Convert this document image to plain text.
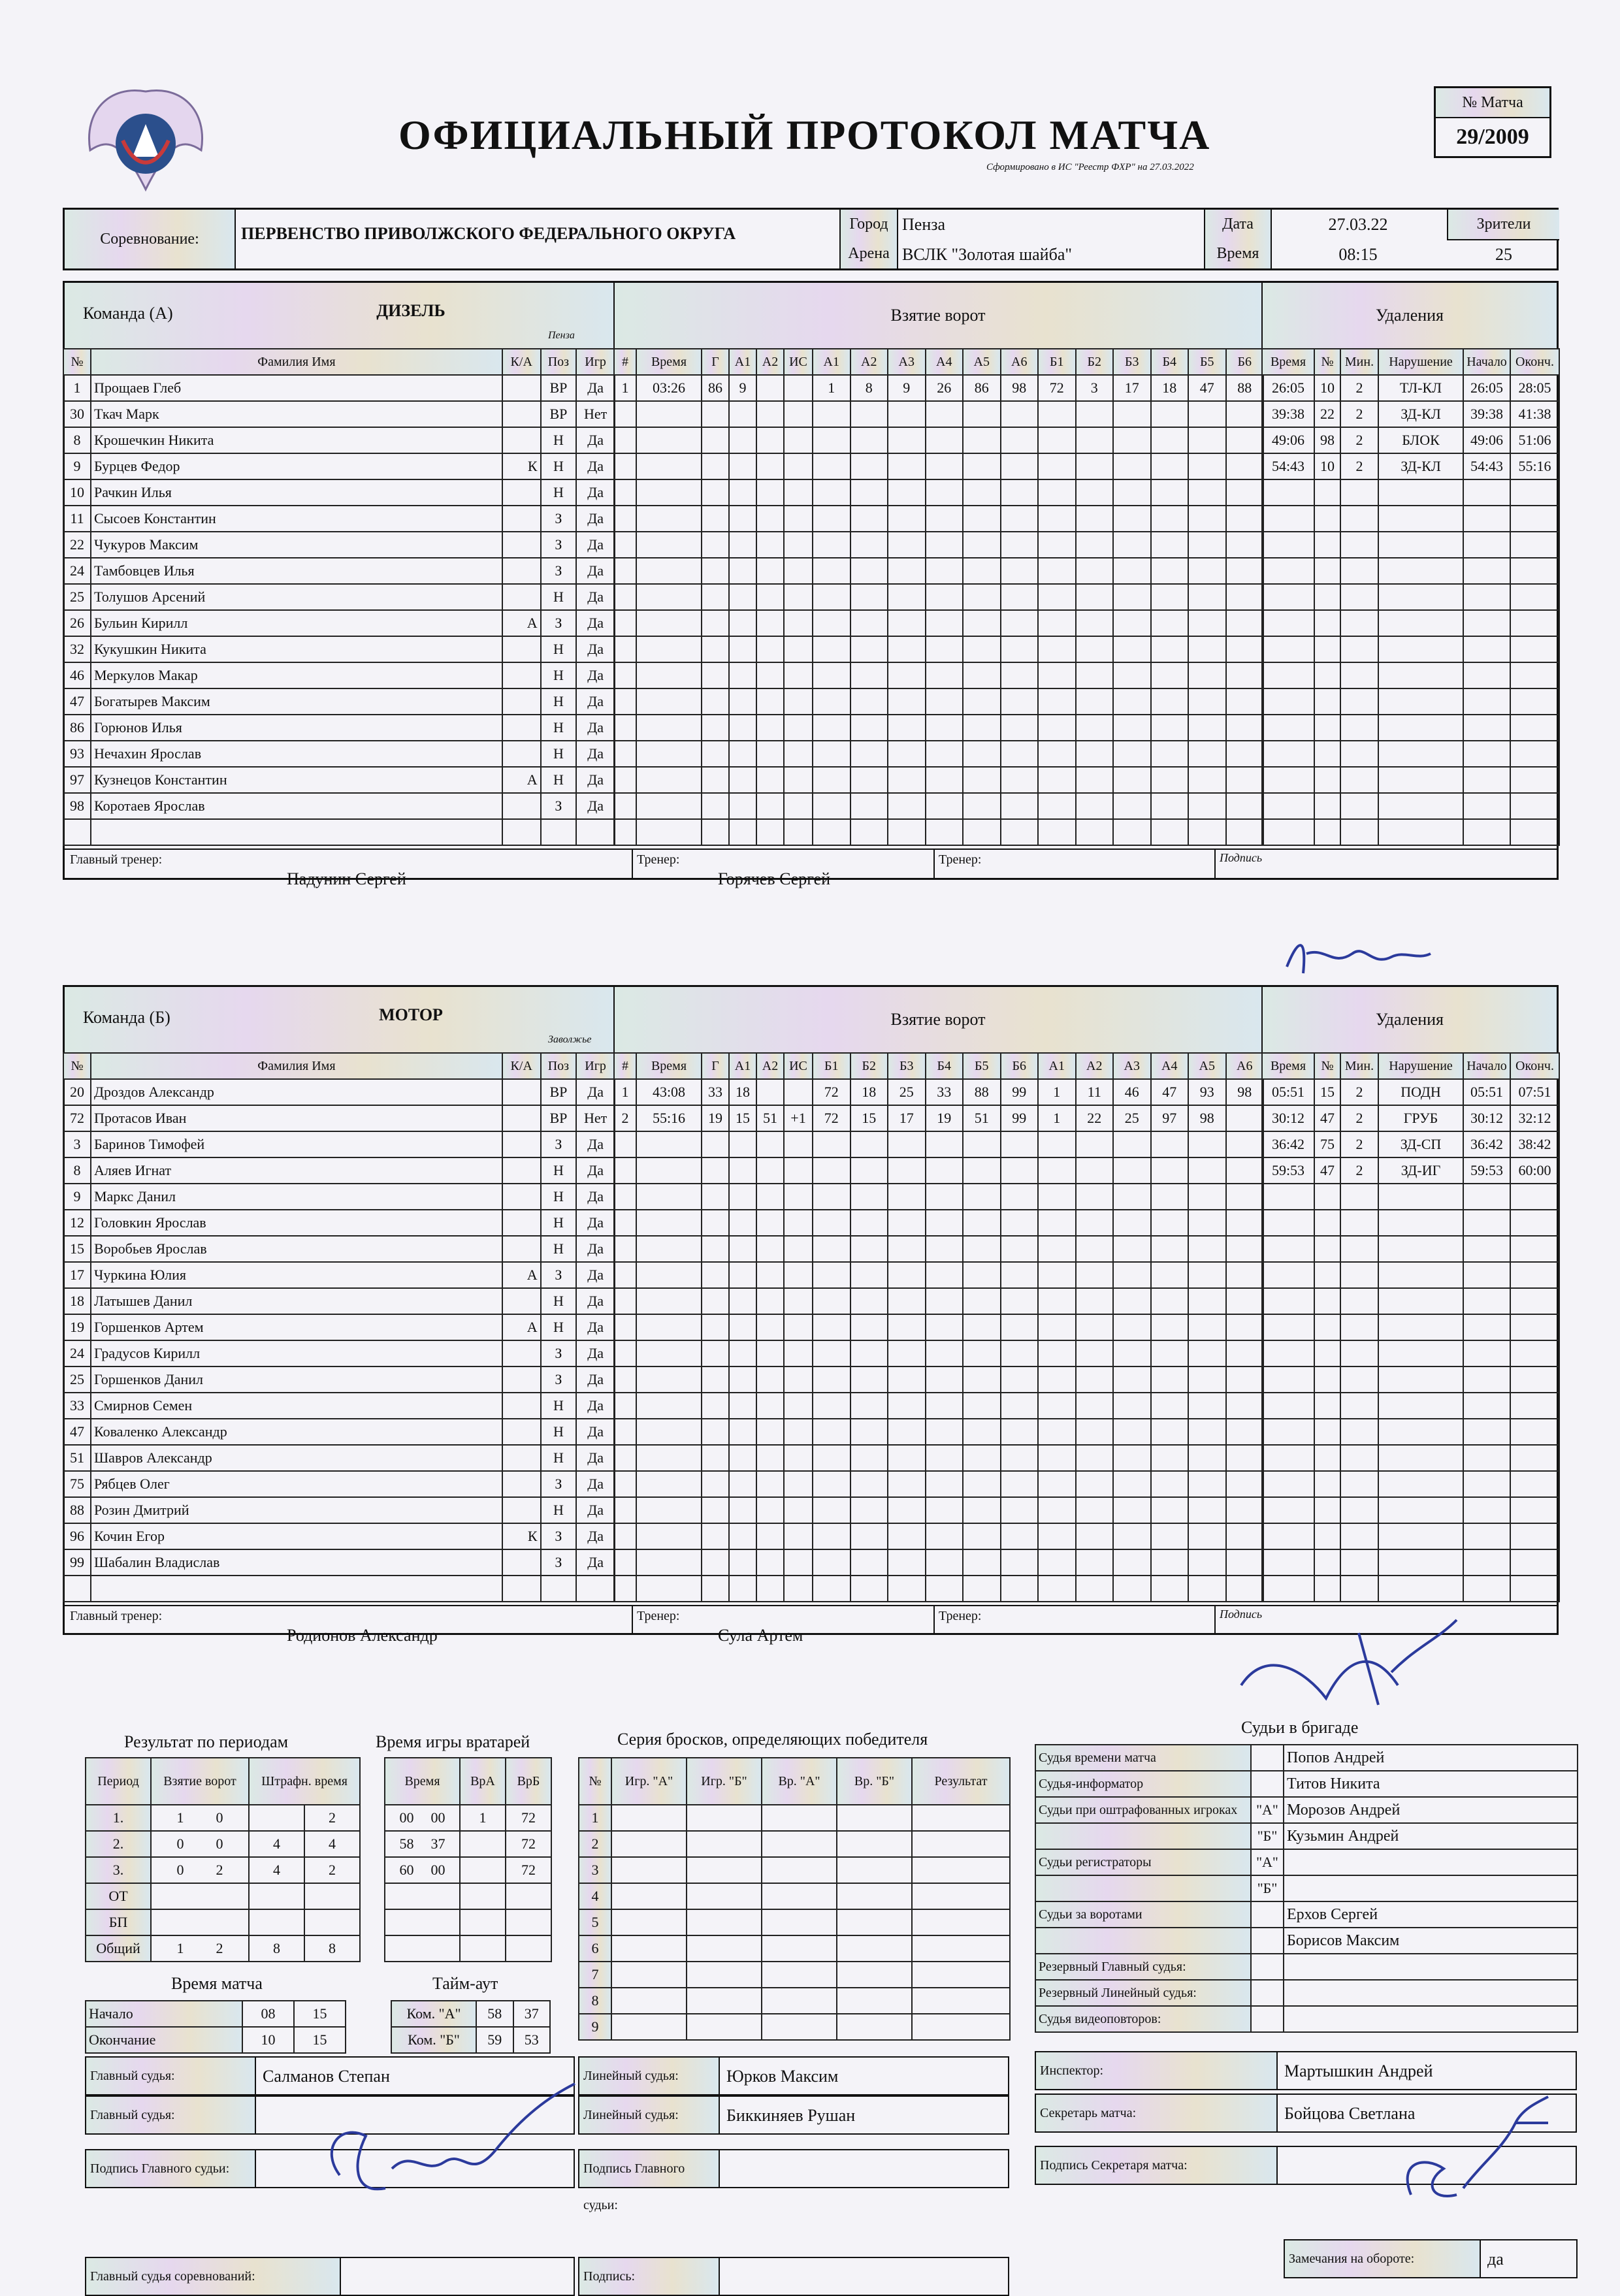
ОФИЦИАЛЬНЫЙ ПРОТОКОЛ МАТЧА
Сформировано в ИС "Реестр ФХР" на 27.03.2022
№ Матча
29/2009
Соревнование:	ПЕРВЕНСТВО ПРИВОЛЖСКОГО ФЕДЕРАЛЬНОГО ОКРУГА	Город Пенза
Арена ВСЛК "Золотая шайба"
Дата	27.03.22
Время	08:15
Зрители
25
Команда (А)	ДИЗЕЛЬ
Пенза
Взятие ворот	Удаления
№	Фамилия Имя	К/А	Поз	Игр
1	Прощаев Глеб		ВР	Да
30	Ткач Марк		ВР	Нет
8	Крошечкин Никита		Н	Да
9	Бурцев Федор	К	Н	Да
10	Рачкин Илья		Н	Да
11	Сысоев Константин		З	Да
22	Чукуров Максим		З	Да
24	Тамбовцев Илья		З	Да
25	Толушов Арсений		Н	Да
26	Бульин Кирилл	А	З	Да
32	Кукушкин Никита		Н	Да
46	Меркулов Макар		Н	Да
47	Богатырев Максим		Н	Да
86	Горюнов Илья		Н	Да
93	Нечахин Ярослав		Н	Да
97	Кузнецов Константин	А	Н	Да
98	Коротаев Ярослав		З	Да

#	Время	Г	А1	А2	ИС	А1	А2	А3	А4	А5	А6	Б1	Б2	Б3	Б4	Б5	Б6
1	03:26	86	9			1	8	9	26	86	98	72	3	17	18	47	88

Время	№	Мин.	Нарушение	Начало	Оконч.
26:05	10	2	ТЛ-КЛ	26:05	28:05
39:38	22	2	ЗД-КЛ	39:38	41:38
49:06	98	2	БЛОК	49:06	51:06
54:43	10	2	ЗД-КЛ	54:43	55:16

Главный тренер:
Падунин Сергей
Тренер:
Горячев Сергей
Тренер:	Подпись
Команда (Б)	МОТОР
Заволжье
Взятие ворот	Удаления
№	Фамилия Имя	К/А	Поз	Игр
20	Дроздов Александр		ВР	Да
72	Протасов Иван		ВР	Нет
3	Баринов Тимофей		З	Да
8	Аляев Игнат		Н	Да
9	Маркс Данил		Н	Да
12	Головкин Ярослав		Н	Да
15	Воробьев Ярослав		Н	Да
17	Чуркина Юлия	А	З	Да
18	Латышев Данил		Н	Да
19	Горшенков Артем	А	Н	Да
24	Градусов Кирилл		З	Да
25	Горшенков Данил		З	Да
33	Смирнов Семен		Н	Да
47	Коваленко Александр		Н	Да
51	Шавров Александр		Н	Да
75	Рябцев Олег		З	Да
88	Розин Дмитрий		Н	Да
96	Кочин Егор	К	З	Да
99	Шабалин Владислав		З	Да

#	Время	Г	А1	А2	ИС	Б1	Б2	Б3	Б4	Б5	Б6	А1	А2	А3	А4	А5	А6
1	43:08	33	18			72	18	25	33	88	99	1	11	46	47	93	98
2	55:16	19	15	51	+1	72	15	17	19	51	99	1	22	25	97	98	

Время	№	Мин.	Нарушение	Начало	Оконч.
05:51	15	2	ПОДН	05:51	07:51
30:12	47	2	ГРУБ	30:12	32:12
36:42	75	2	ЗД-СП	36:42	38:42
59:53	47	2	ЗД-ИГ	59:53	60:00

Главный тренер:
Родионов Александр
Тренер:
Сула Артем
Тренер:	Подпись
Результат по периодам
Период	Взятие ворот	Штрафн. время	
1.	1 0		2
2.	0 0	4	4
3.	0 2	4	2
ОТ			
БП			
Общий	1 2	8	8
Время игры вратарей
Время	ВрА	ВрБ
00 00	1	72
58 37		72
60 00		72

Серия бросков, определяющих победителя
№	Игр. "А"	Игр. "Б"	Вр. "А"	Вр. "Б"	Результат
1					
2					
3					
4					
5					
6					
7					
8					
9					
Время матча
Начало	08	15
Окончание	10	15
Тайм-аут
Ком. "А"	58	37
Ком. "Б"	59	53
Судьи в бригаде
Судья времени матча		Попов Андрей
Судья-информатор		Титов Никита
Судьи при оштрафованных игроках	"А"	Морозов Андрей
	"Б"	Кузьмин Андрей
Судьи регистраторы	"А"	
	"Б"	
Судьи за воротами		Ерхов Сергей
		Борисов Максим
Резервный Главный судья:		
Резервный Линейный судья:		
Судья видеоповторов:		
Главный судья:	Салманов Степан
Главный судья:
Линейный судья:	Юрков Максим
Линейный судья:	Биккиняев Рушан
Инспектор:	Мартышкин Андрей
Секретарь матча:	Бойцова Светлана
Подпись Главного судьи:	Подпись Главного судьи:
Подпись Секретаря матча:
Главный судья соревнований:	Подпись:
Замечания на обороте:	да
